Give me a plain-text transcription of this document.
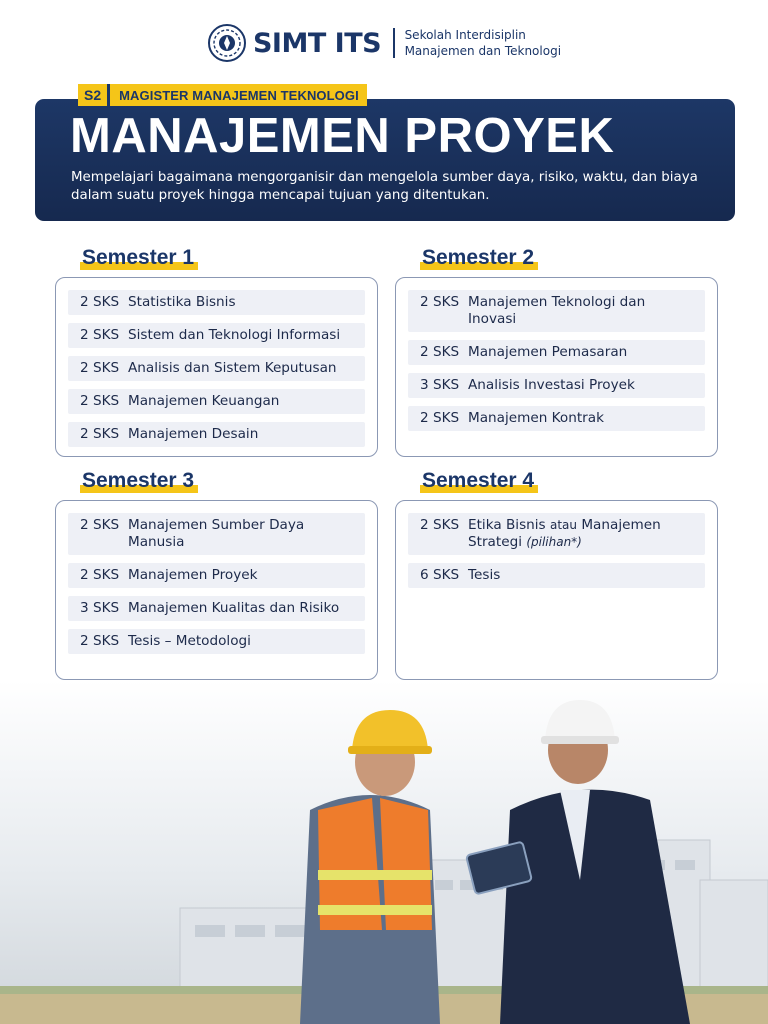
SIMT ITS Sekolah Interdisiplin
Manajemen dan Teknologi
S2	MAGISTER MANAJEMEN TEKNOLOGI
MANAJEMEN PROYEK

Mempelajari bagaimana mengorganisir dan mengelola sumber daya, risiko, waktu, dan biaya dalam suatu proyek hingga mencapai tujuan yang ditentukan.

Semester 1
2 SKS Statistika Bisnis
2 SKS Sistem dan Teknologi Informasi
2 SKS Analisis dan Sistem Keputusan
2 SKS Manajemen Keuangan
2 SKS Manajemen Desain
Semester 2
2 SKS Manajemen Teknologi dan Inovasi
2 SKS Manajemen Pemasaran
3 SKS Analisis Investasi Proyek
2 SKS Manajemen Kontrak
Semester 3
2 SKS Manajemen Sumber Daya Manusia
2 SKS Manajemen Proyek
3 SKS Manajemen Kualitas dan Risiko
2 SKS Tesis – Metodologi
Semester 4
2 SKS Etika Bisnis atau Manajemen Strategi (pilihan*)
6 SKS Tesis
